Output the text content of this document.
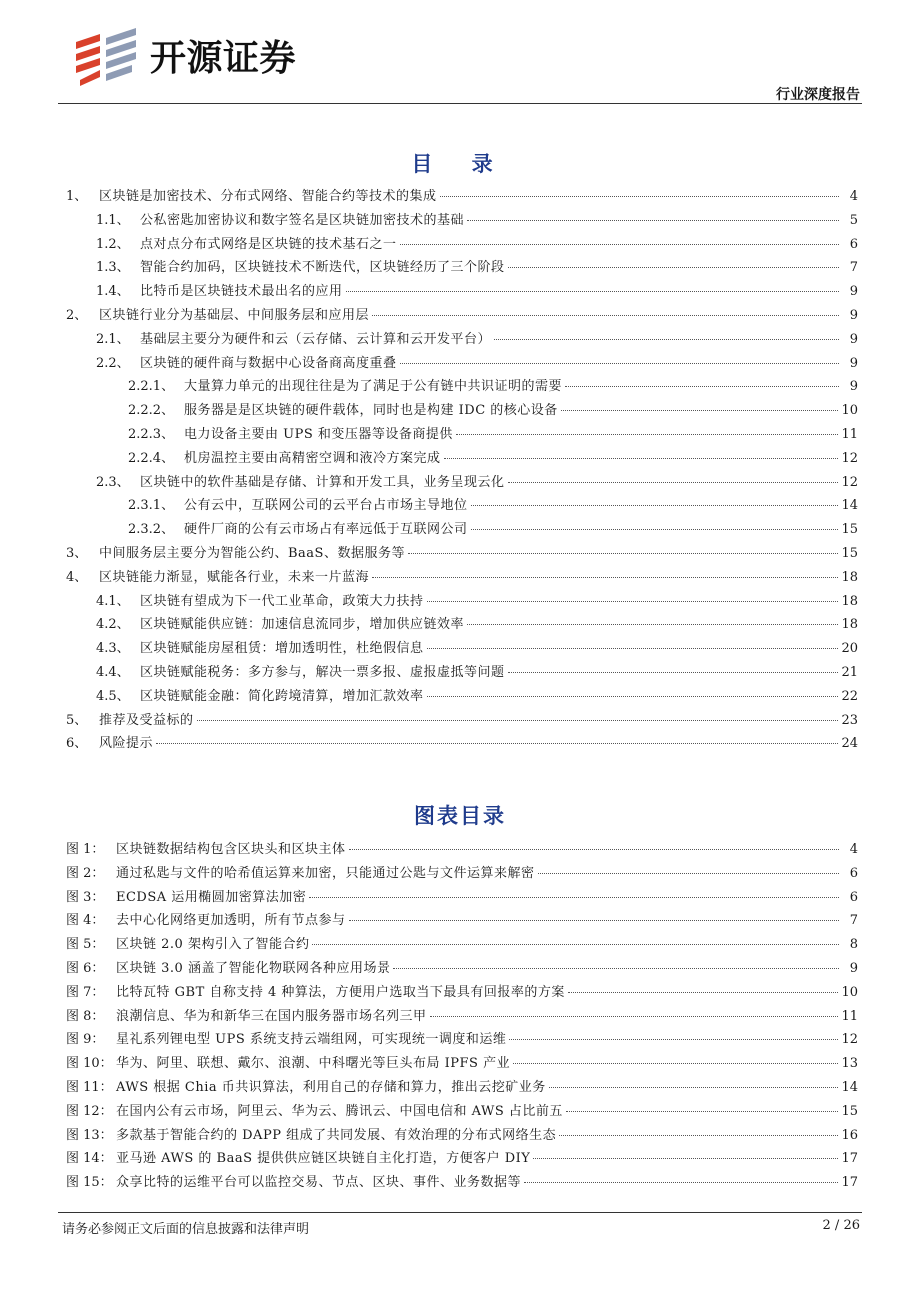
开源证券
行业深度报告
目 录
1、 区块链是加密技术、分布式网络、智能合约等技术的集成	4
1.1、 公私密匙加密协议和数字签名是区块链加密技术的基础	5
1.2、 点对点分布式网络是区块链的技术基石之一	6
1.3、 智能合约加码，区块链技术不断迭代，区块链经历了三个阶段	7
1.4、 比特币是区块链技术最出名的应用	9
2、 区块链行业分为基础层、中间服务层和应用层	9
2.1、 基础层主要分为硬件和云（云存储、云计算和云开发平台）	9
2.2、 区块链的硬件商与数据中心设备商高度重叠	9
2.2.1、 大量算力单元的出现往往是为了满足于公有链中共识证明的需要	9
2.2.2、 服务器是是区块链的硬件载体，同时也是构建 IDC 的核心设备	10
2.2.3、 电力设备主要由 UPS 和变压器等设备商提供	11
2.2.4、 机房温控主要由高精密空调和液冷方案完成	12
2.3、 区块链中的软件基础是存储、计算和开发工具，业务呈现云化	12
2.3.1、 公有云中，互联网公司的云平台占市场主导地位	14
2.3.2、 硬件厂商的公有云市场占有率远低于互联网公司	15
3、 中间服务层主要分为智能公约、BaaS、数据服务等	15
4、 区块链能力渐显，赋能各行业，未来一片蓝海	18
4.1、 区块链有望成为下一代工业革命，政策大力扶持	18
4.2、 区块链赋能供应链：加速信息流同步，增加供应链效率	18
4.3、 区块链赋能房屋租赁：增加透明性，杜绝假信息	20
4.4、 区块链赋能税务：多方参与，解决一票多报、虚报虚抵等问题	21
4.5、 区块链赋能金融：简化跨境清算，增加汇款效率	22
5、 推荐及受益标的	23
6、 风险提示	24
图表目录
图 1： 区块链数据结构包含区块头和区块主体	4
图 2： 通过私匙与文件的哈希值运算来加密，只能通过公匙与文件运算来解密	6
图 3： ECDSA 运用椭圆加密算法加密	6
图 4： 去中心化网络更加透明，所有节点参与	7
图 5： 区块链 2.0 架构引入了智能合约	8
图 6： 区块链 3.0 涵盖了智能化物联网各种应用场景	9
图 7： 比特瓦特 GBT 自称支持 4 种算法，方便用户选取当下最具有回报率的方案	10
图 8： 浪潮信息、华为和新华三在国内服务器市场名列三甲	11
图 9： 星礼系列锂电型 UPS 系统支持云端组网，可实现统一调度和运维	12
图 10： 华为、阿里、联想、戴尔、浪潮、中科曙光等巨头布局 IPFS 产业	13
图 11： AWS 根据 Chia 币共识算法，利用自己的存储和算力，推出云挖矿业务	14
图 12： 在国内公有云市场，阿里云、华为云、腾讯云、中国电信和 AWS 占比前五	15
图 13： 多款基于智能合约的 DAPP 组成了共同发展、有效治理的分布式网络生态	16
图 14： 亚马逊 AWS 的 BaaS 提供供应链区块链自主化打造，方便客户 DIY	17
图 15： 众享比特的运维平台可以监控交易、节点、区块、事件、业务数据等	17
请务必参阅正文后面的信息披露和法律声明	2 / 26
